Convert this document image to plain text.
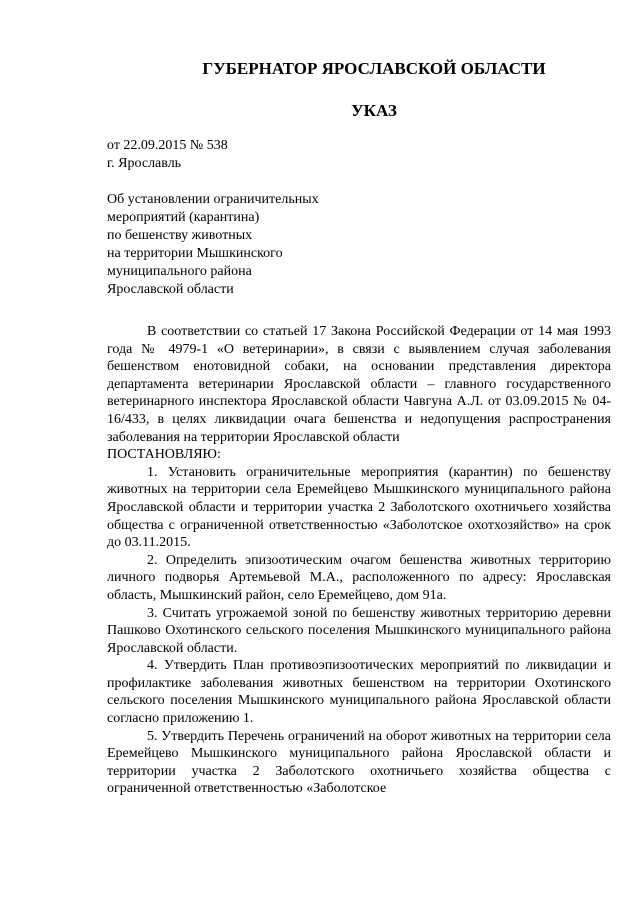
ГУБЕРНАТОР ЯРОСЛАВСКОЙ ОБЛАСТИ
УКАЗ
от 22.09.2015 № 538
г. Ярославль
Об установлении ограничительных
мероприятий (карантина)
по бешенству животных
на территории Мышкинского
муниципального района
Ярославской области

В соответствии со статьей 17 Закона Российской Федерации от 14 мая 1993 года № 4979-1 «О ветеринарии», в связи с выявлением случая заболевания бешенством енотовидной собаки, на основании представления директора департамента ветеринарии Ярославской области – главного государственного ветеринарного инспектора Ярославской области Чавгуна А.Л. от 03.09.2015 № 04-16/433, в целях ликвидации очага бешенства и недопущения распространения заболевания на территории Ярославской области

ПОСТАНОВЛЯЮ:

1. Установить ограничительные мероприятия (карантин) по бешенству животных на территории села Еремейцево Мышкинского муниципального района Ярославской области и территории участка 2 Заболотского охотничьего хозяйства общества с ограниченной ответственностью «Заболотское охотхозяйство» на срок до 03.11.2015.

2. Определить эпизоотическим очагом бешенства животных территорию личного подворья Артемьевой М.А., расположенного по адресу: Ярославская область, Мышкинский район, село Еремейцево, дом 91а.

3. Считать угрожаемой зоной по бешенству животных территорию деревни Пашково Охотинского сельского поселения Мышкинского муниципального района Ярославской области.

4. Утвердить План противоэпизоотических мероприятий по ликвидации и профилактике заболевания животных бешенством на территории Охотинского сельского поселения Мышкинского муниципального района Ярославской области согласно приложению 1.

5. Утвердить Перечень ограничений на оборот животных на территории села Еремейцево Мышкинского муниципального района Ярославской области и территории участка 2 Заболотского охотничьего хозяйства общества с ограниченной ответственностью «Заболотское
